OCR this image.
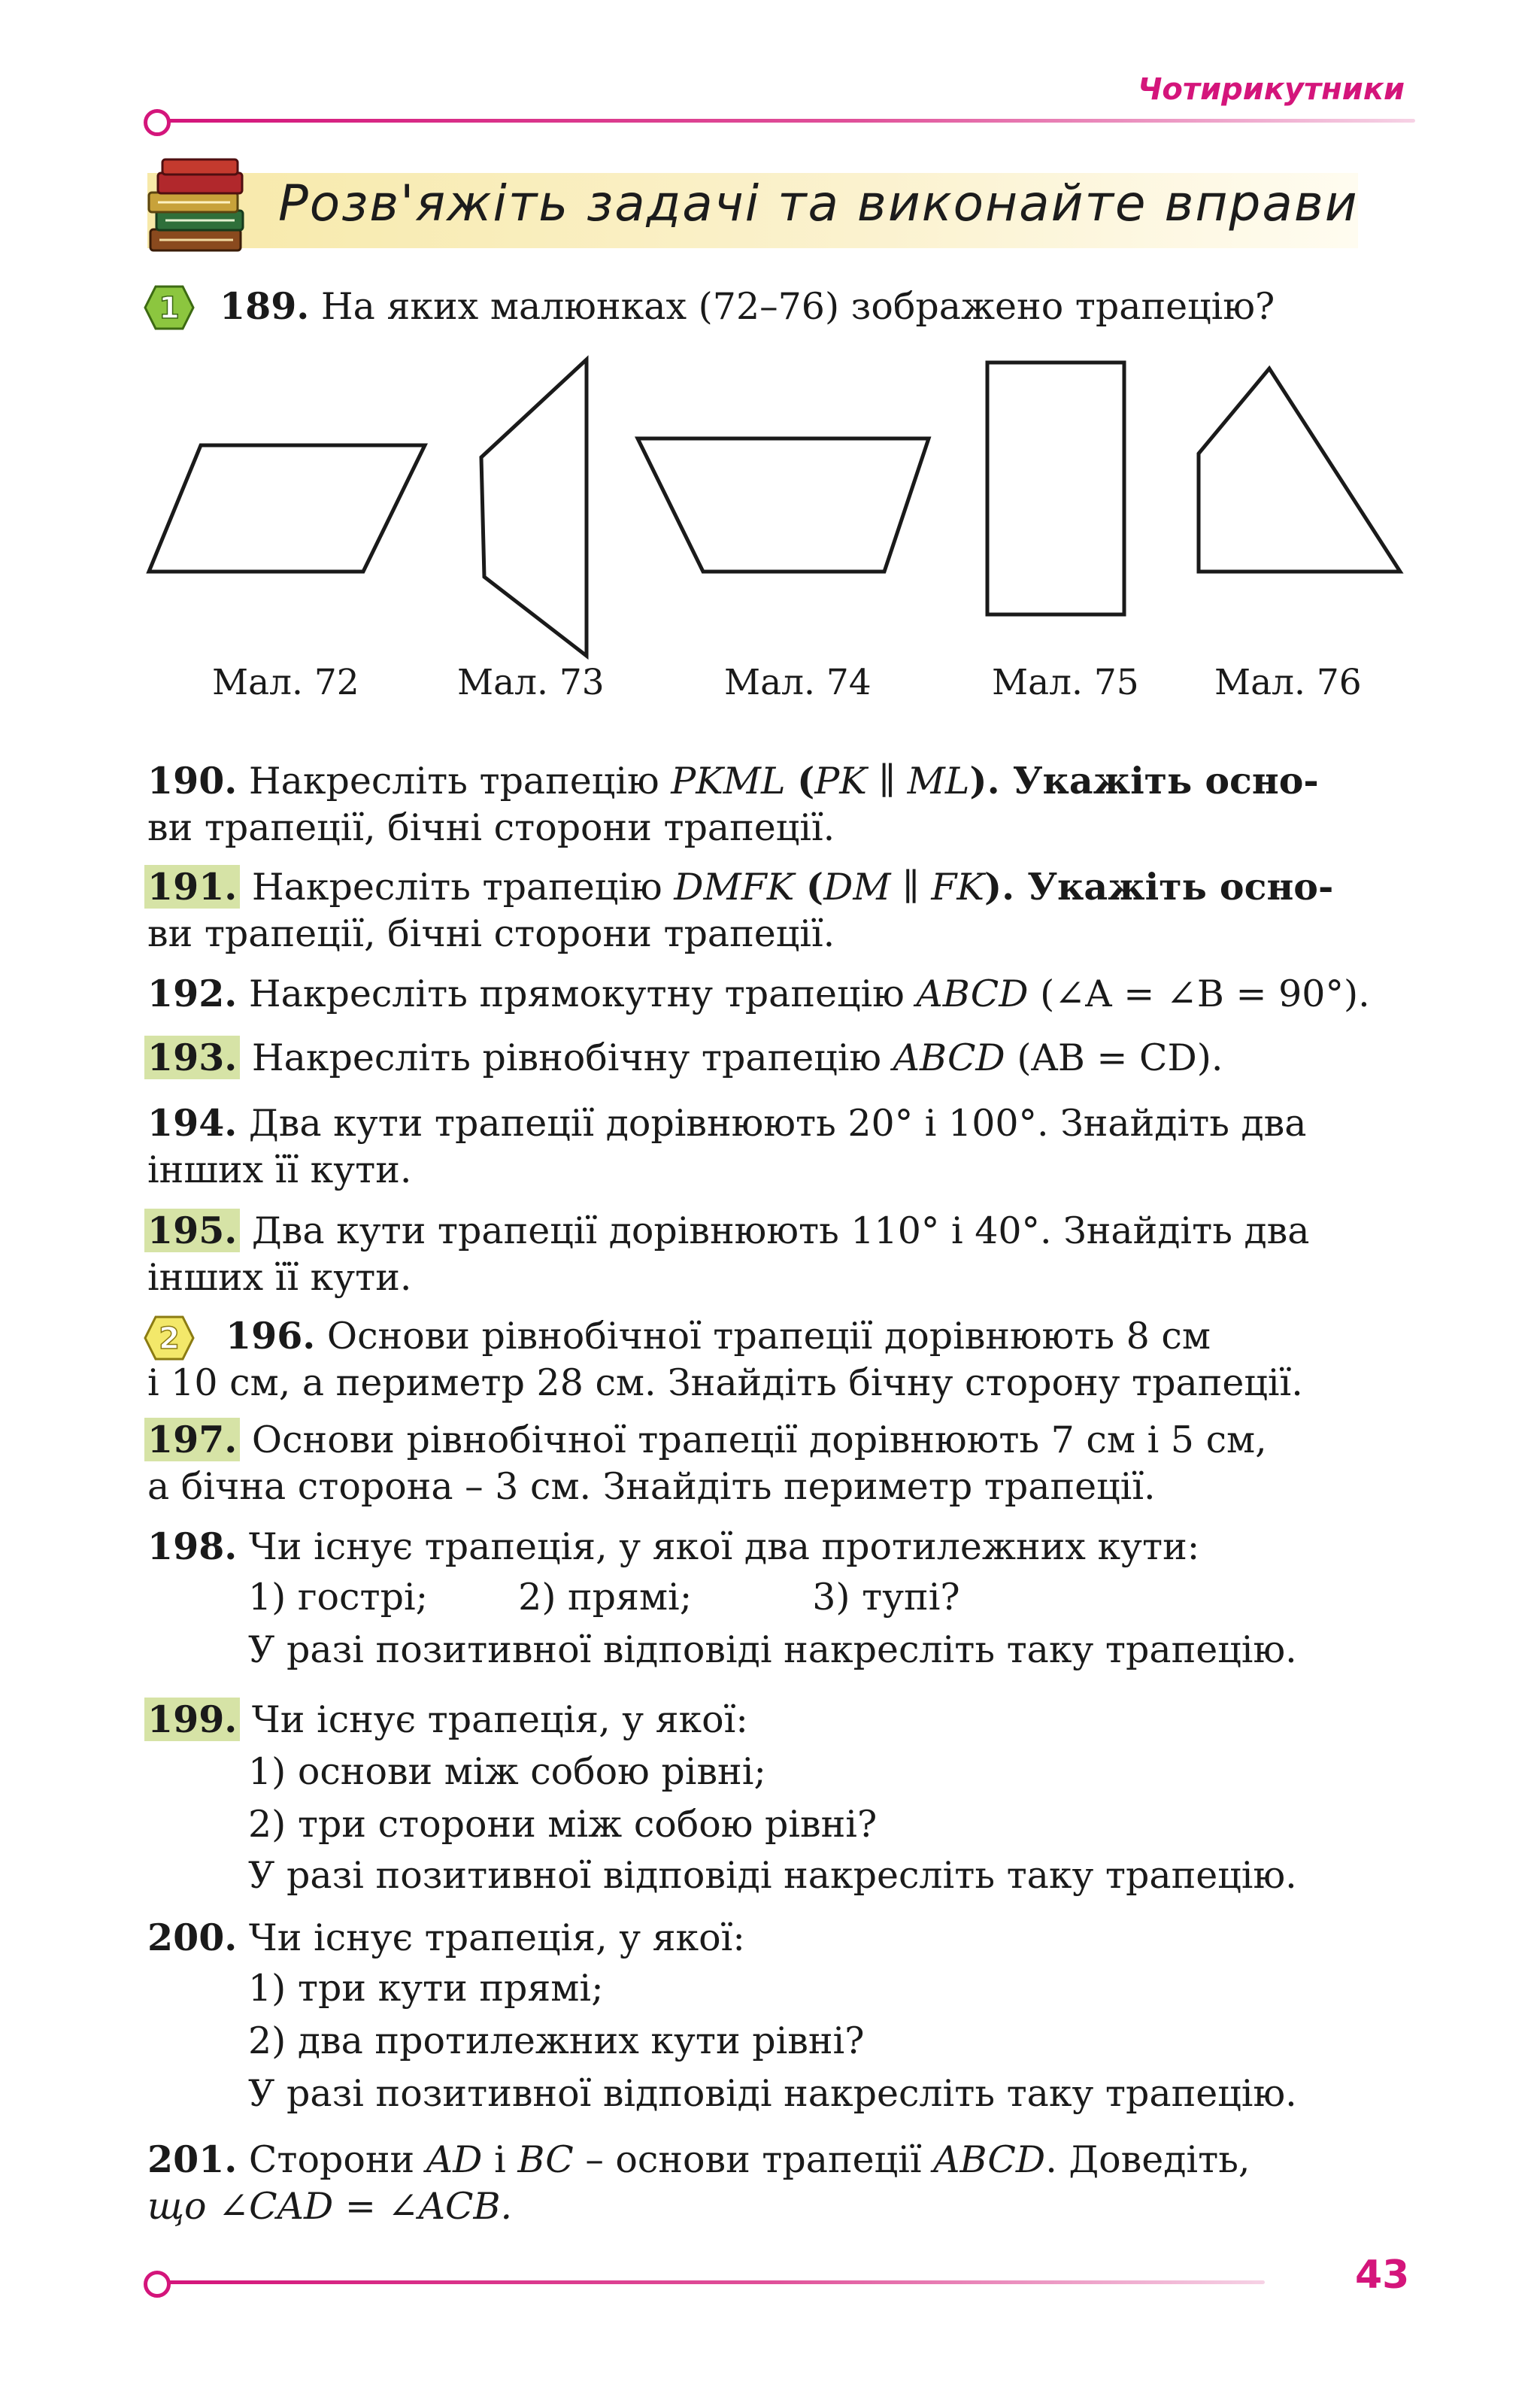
Чотирикутники
Розв'яжіть задачі та виконайте вправи
1 189. На яких малюнках (72–76) зображено трапецію?
Мал. 72	Мал. 73	Мал. 74	Мал. 75 Мал. 76
190. Накресліть трапецію PKML (PK ∥ ML). Укажіть осно-
ви трапеції, бічні сторони трапеції.
191. Накресліть трапецію DMFK (DM ∥ FK). Укажіть осно-
ви трапеції, бічні сторони трапеції.
192. Накресліть прямокутну трапецію ABCD (∠A = ∠B = 90°).
193. Накресліть рівнобічну трапецію ABCD (AB = CD).
194. Два кути трапеції дорівнюють 20° і 100°. Знайдіть два
інших її кути.
195. Два кути трапеції дорівнюють 110° і 40°. Знайдіть два
інших її кути.
2	196. Основи рівнобічної трапеції дорівнюють 8 см
і 10 см, а периметр 28 см. Знайдіть бічну сторону трапеції.
197. Основи рівнобічної трапеції дорівнюють 7 см і 5 см,
а бічна сторона – 3 см. Знайдіть периметр трапеції.
198. Чи існує трапеція, у якої два протилежних кути:
1) гострі; 2) прямі;	3) тупі?
У разі позитивної відповіді накресліть таку трапецію.
199. Чи існує трапеція, у якої:
1) основи між собою рівні;
2) три сторони між собою рівні?
У разі позитивної відповіді накресліть таку трапецію.
200. Чи існує трапеція, у якої:
1) три кути прямі;
2) два протилежних кути рівні?
У разі позитивної відповіді накресліть таку трапецію.
201. Сторони AD і BC – основи трапеції ABCD. Доведіть,
що ∠CAD = ∠ACB.
43
